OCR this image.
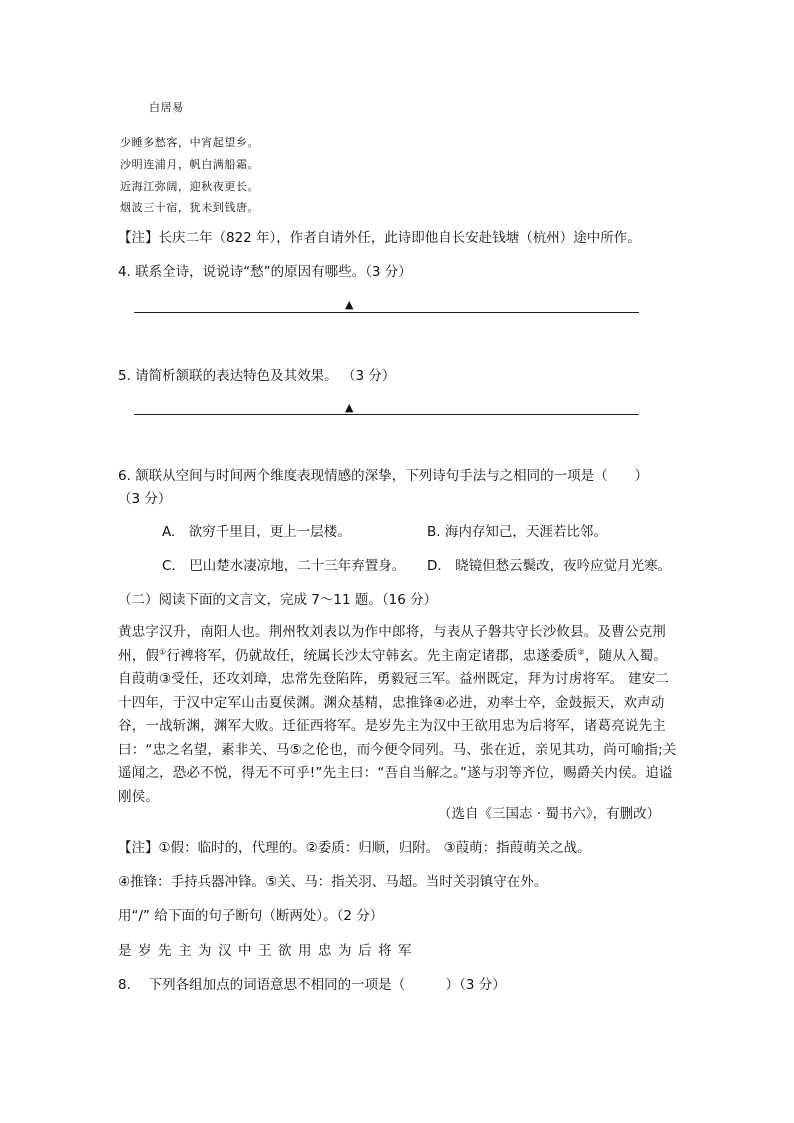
白居易
少睡多愁客，中宵起望乡。
沙明连浦月，帆白满船霜。
近海江弥阔，迎秋夜更长。
烟波三十宿，犹未到钱唐。
【注】长庆二年（822 年），作者自请外任，此诗即他自长安赴钱塘（杭州）途中所作。
4. 联系全诗，说说诗“愁”的原因有哪些。（3 分）
▲
5. 请简析颔联的表达特色及其效果。 （3 分）
▲
6. 颔联从空间与时间两个维度表现情感的深挚，下列诗句手法与之相同的一项是（　　）
（3 分）
A.　欲穷千里目，更上一层楼。	B. 海内存知己，天涯若比邻。
C.　巴山楚水凄凉地，二十三年弃置身。 D.　晓镜但愁云鬓改，夜吟应觉月光寒。
（二）阅读下面的文言文，完成 7～11 题。（16 分）
黄忠字汉升，南阳人也。荆州牧刘表以为作中郎将，与表从子磐共守长沙攸县。及曹公克荆州，假①行裨将军，仍就故任，统属长沙太守韩玄。先主南定诸郡，忠遂委质②，随从入蜀。自葭萌③受任，还攻刘璋，忠常先登陷阵，勇毅冠三军。益州既定，拜为讨虏将军。 建安二十四年，于汉中定军山击夏侯渊。渊众基精，忠推锋④必进，劝率士卒，金鼓振天，欢声动谷，一战斩渊，渊军大败。迁征西将军。是岁先主为汉中王欲用忠为后将军，诸葛亮说先主曰：“忠之名望，素非关、马⑤之伦也，而今便令同列。马、张在近，亲见其功，尚可喻指;关遥闻之，恐必不悦，得无不可乎!”先主曰：“吾自当解之。”遂与羽等齐位，赐爵关内侯。追谥刚侯。
（选自《三国志 · 蜀书六》，有删改）
【注】①假：临时的，代理的。②委质：归顺，归附。 ③葭萌：指葭萌关之战。
④推锋：手持兵器冲锋。⑤关、马：指关羽、马超。当时关羽镇守在外。
用“/” 给下面的句子断句（断两处）。（2 分）
是岁先主为汉中王欲用忠为后将军
8.　 下列各组加点的词语意思不相同的一项是（　　　）（3 分）
